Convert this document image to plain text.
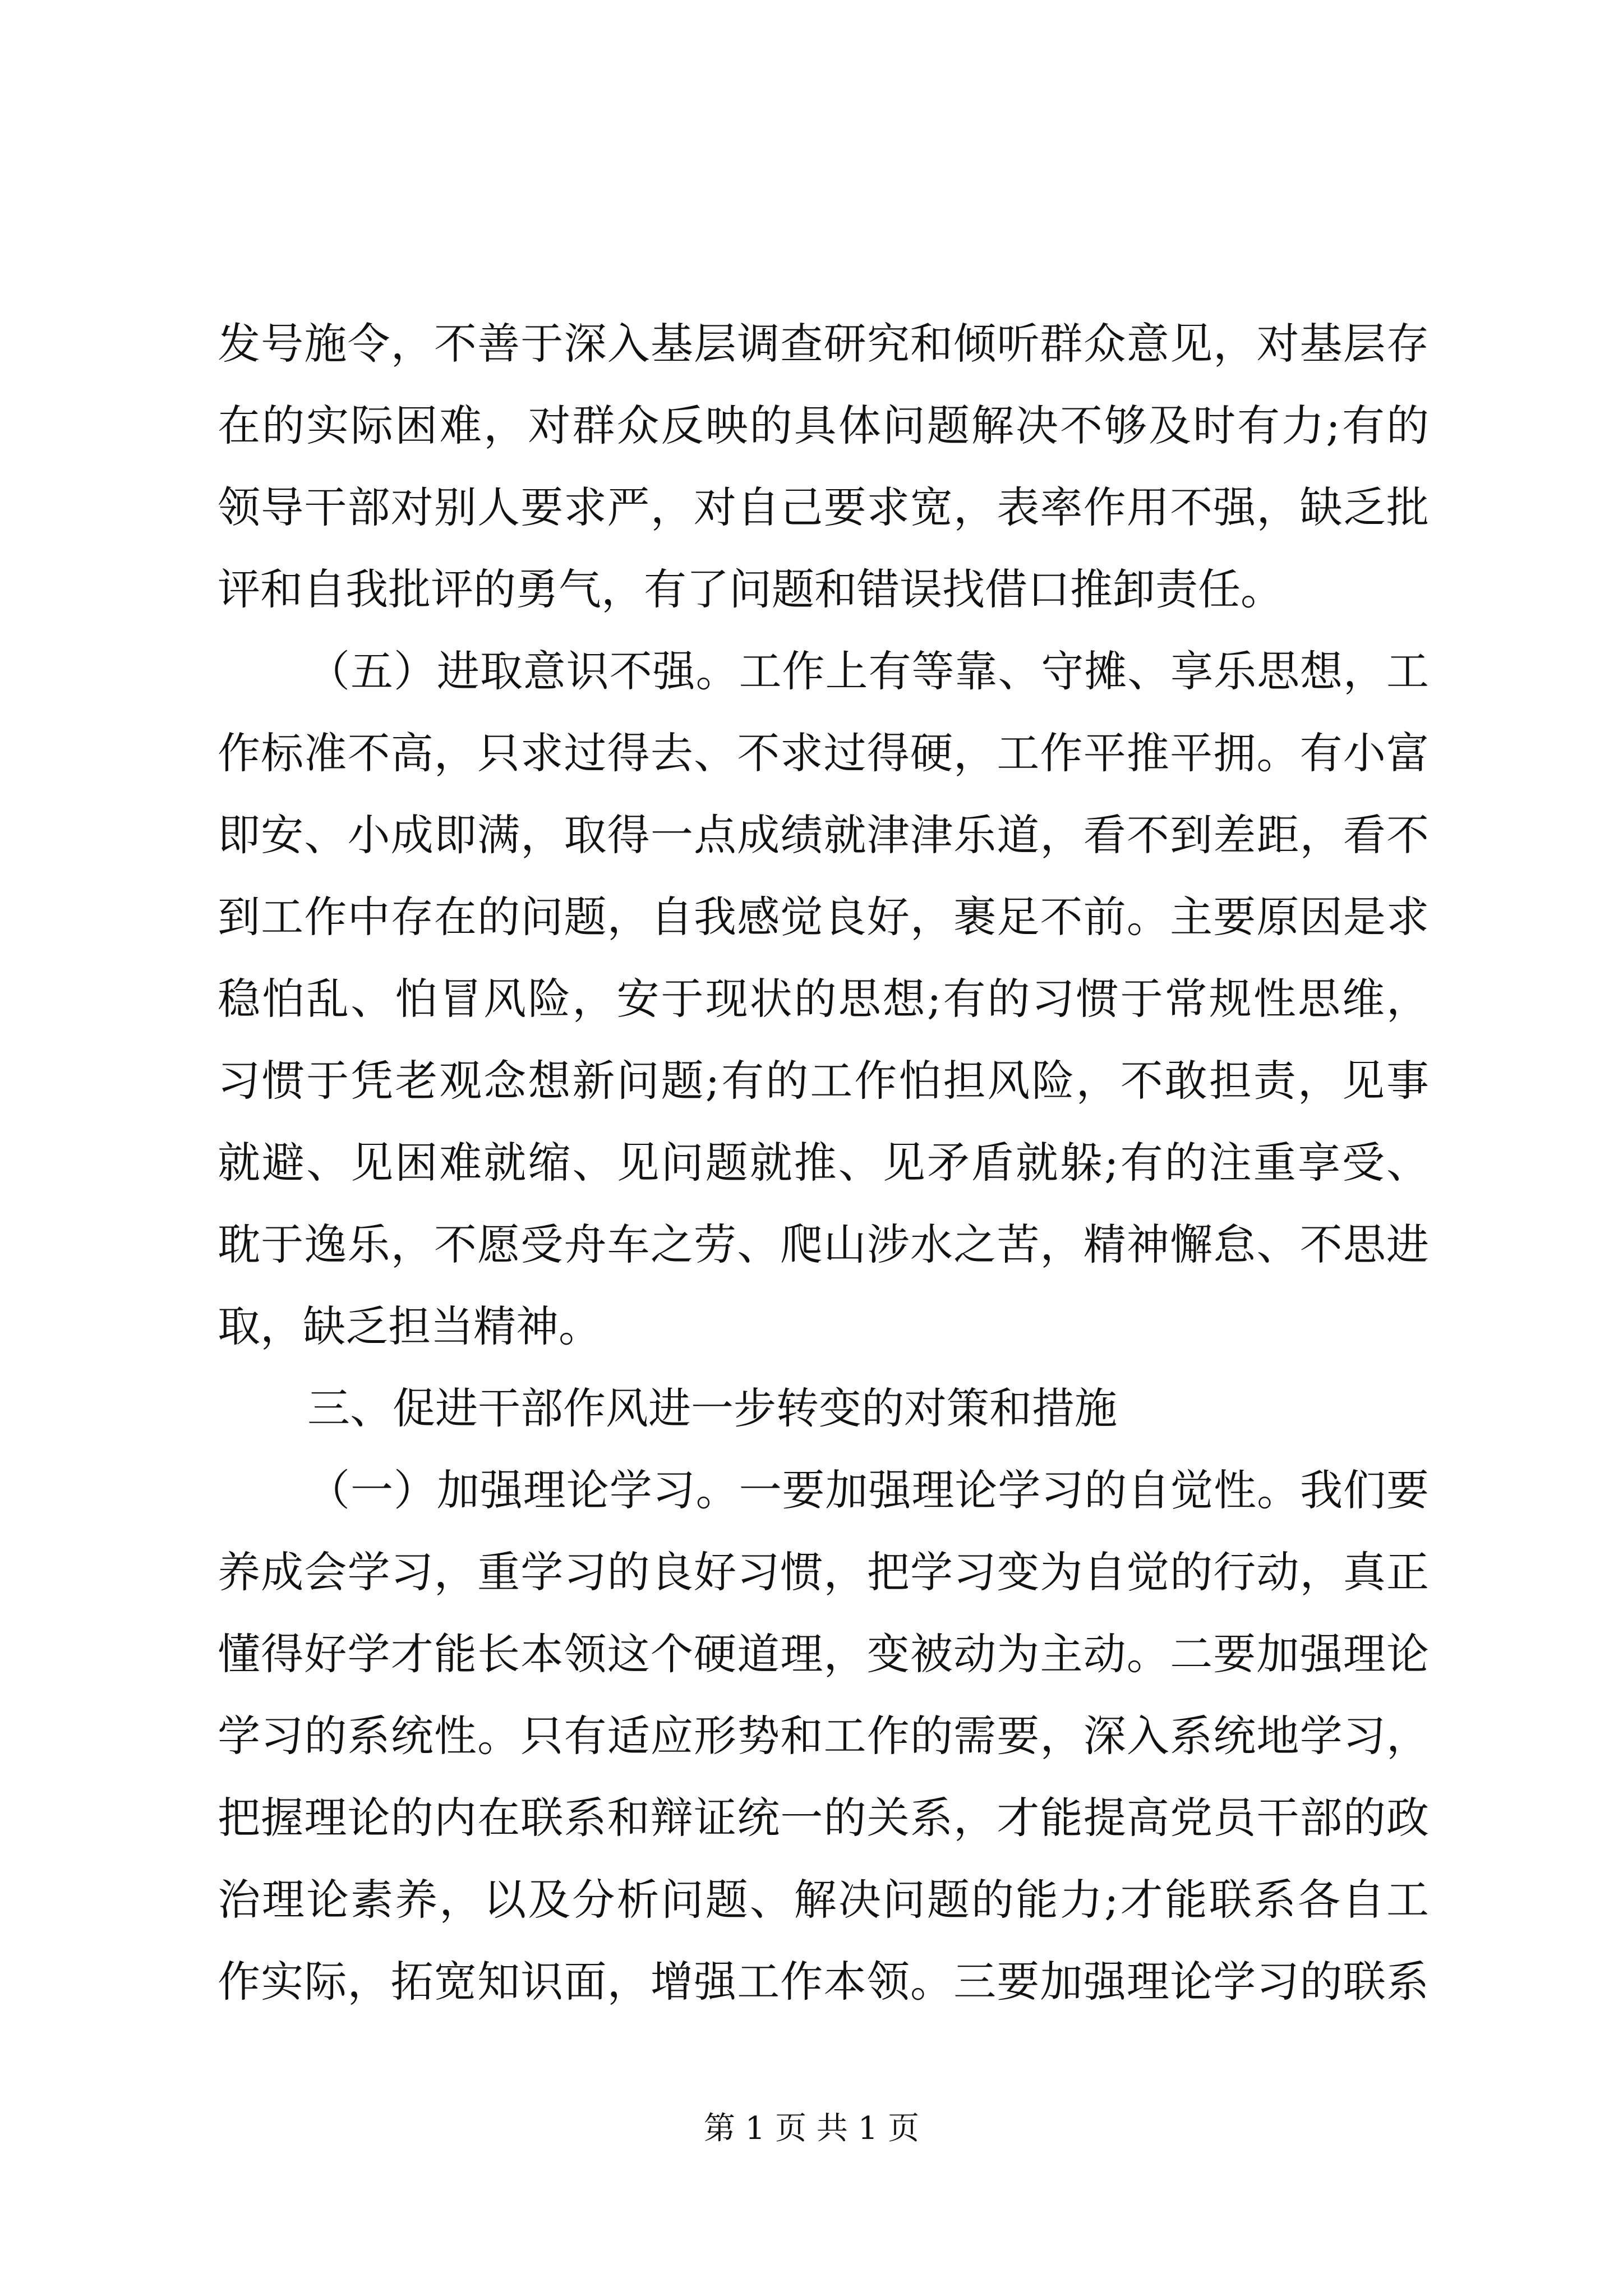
发号施令，不善于深入基层调查研究和倾听群众意见，对基层存
在的实际困难，对群众反映的具体问题解决不够及时有力;有的
领导干部对别人要求严，对自己要求宽，表率作用不强，缺乏批
评和自我批评的勇气，有了问题和错误找借口推卸责任。
（五）进取意识不强。工作上有等靠、守摊、享乐思想，工
作标准不高，只求过得去、不求过得硬，工作平推平拥。有小富
即安、小成即满，取得一点成绩就津津乐道，看不到差距，看不
到工作中存在的问题，自我感觉良好，裹足不前。主要原因是求
稳怕乱、怕冒风险，安于现状的思想;有的习惯于常规性思维，
习惯于凭老观念想新问题;有的工作怕担风险，不敢担责，见事
就避、见困难就缩、见问题就推、见矛盾就躲;有的注重享受、
耽于逸乐，不愿受舟车之劳、爬山涉水之苦，精神懈怠、不思进
取，缺乏担当精神。
三、促进干部作风进一步转变的对策和措施
（一）加强理论学习。一要加强理论学习的自觉性。我们要
养成会学习，重学习的良好习惯，把学习变为自觉的行动，真正
懂得好学才能长本领这个硬道理，变被动为主动。二要加强理论
学习的系统性。只有适应形势和工作的需要，深入系统地学习，
把握理论的内在联系和辩证统一的关系，才能提高党员干部的政
治理论素养，以及分析问题、解决问题的能力;才能联系各自工
作实际，拓宽知识面，增强工作本领。三要加强理论学习的联系
第 1 页 共 1 页
